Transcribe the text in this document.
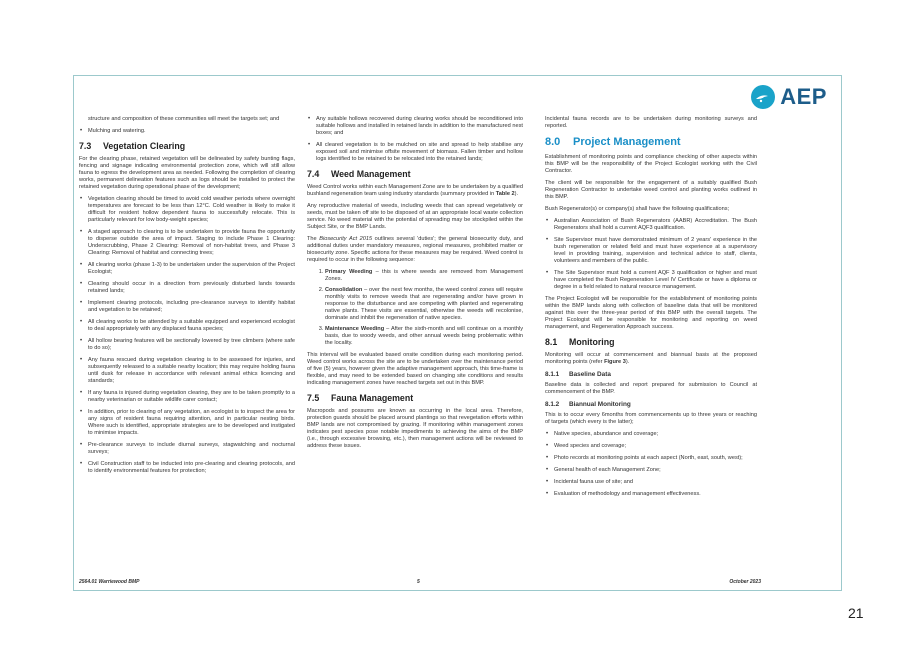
AEP

structure and composition of these communities will meet the targets set; and

• Mulching and watering.
7.3 Vegetation Clearing

For the clearing phase, retained vegetation will be delineated by safety bunting flags, fencing and signage indicating environmental protection zone, which will still allow fauna to egress the development area as needed. Following the completion of clearing works, permanent delineation features such as logs should be installed to protect the retained vegetation during operational phase of the development;

• Vegetation clearing should be timed to avoid cold weather periods where overnight temperatures are forecast to be less than 12°C. Cold weather is likely to make it difficult for resident hollow dependent fauna to successfully relocate. This is particularly relevant for low body-weight species;
• A staged approach to clearing is to be undertaken to provide fauna the opportunity to disperse outside the area of impact. Staging to include Phase 1 Clearing: Underscrubbing, Phase 2 Clearing: Removal of non-habitat trees, and Phase 3 Clearing: Removal of habitat and connecting trees;
• All clearing works (phase 1-3) to be undertaken under the supervision of the Project Ecologist;
• Clearing should occur in a direction from previously disturbed lands towards retained lands;
• Implement clearing protocols, including pre-clearance surveys to identify habitat and vegetation to be retained;
• All clearing works to be attended by a suitable equipped and experienced ecologist to deal appropriately with any displaced fauna species;
• All hollow bearing features will be sectionally lowered by tree climbers (where safe to do so);
• Any fauna rescued during vegetation clearing is to be assessed for injuries, and subsequently released to a suitable nearby location; this may require holding fauna until dusk for release in accordance with relevant animal ethics licencing and standards;
• If any fauna is injured during vegetation clearing, they are to be taken promptly to a nearby veterinarian or suitable wildlife carer contact;
• In addition, prior to clearing of any vegetation, an ecologist is to inspect the area for any signs of resident fauna requiring attention, and in particular nesting birds. Where such is identified, appropriate strategies are to be developed and instigated to minimise impacts.
• Pre-clearance surveys to include diurnal surveys, stagwatching and nocturnal surveys;
• Civil Construction staff to be inducted into pre-clearing and clearing protocols, and to identify environmental features for protection;
• Any suitable hollows recovered during clearing works should be reconditioned into suitable hollows and installed in retained lands in addition to the manufactured nest boxes; and
• All cleared vegetation is to be mulched on site and spread to help stabilise any exposed soil and minimise offsite movement of biomass. Fallen timber and hollow logs identified to be retained to be relocated into the retained lands;
7.4 Weed Management

Weed Control works within each Management Zone are to be undertaken by a qualified bushland regeneration team using industry standards (summary provided in Table 2).

Any reproductive material of weeds, including weeds that can spread vegetatively or seeds, must be taken off site to be disposed of at an appropriate local waste collection service. No weed material with the potential of spreading may be stockpiled within the Subject Site, or the BMP Lands.

The Biosecurity Act 2015 outlines several 'duties'; the general biosecurity duty, and additional duties under mandatory measures, regional measures, prohibited matter or biosecurity zone. Specific actions for these measures may be required. Weed control is required to occur in the following sequence:

1. Primary Weeding – this is where weeds are removed from Management Zones.
2. Consolidation – over the next few months, the weed control zones will require monthly visits to remove weeds that are regenerating and/or have grown in response to the disturbance and are competing with planted and regenerating native plants. These visits are essential, otherwise the weeds will recolonise, dominate and inhibit the regeneration of native species.
3. Maintenance Weeding – After the sixth-month and will continue on a monthly basis, due to woody weeds, and other annual weeds being problematic within the locality.

This interval will be evaluated based onsite condition during each monitoring period. Weed control works across the site are to be undertaken over the maintenance period of five (5) years, however given the adaptive management approach, this time-frame is flexible, and may need to be extended based on changing site conditions and results indicating management zones have reached targets set out in this BMP.

7.5 Fauna Management

Macropods and possums are known as occurring in the local area. Therefore, protection guards should be placed around plantings so that revegetation efforts within BMP lands are not compromised by grazing. If monitoring within management zones indicates pest species pose notable impediments to achieving the aims of the BMP (i.e., through excessive browsing, etc.), then management actions will be reviewed to address these issues.

Incidental fauna records are to be undertaken during monitoring surveys and reported.

8.0 Project Management

Establishment of monitoring points and compliance checking of other aspects within this BMP will be the responsibility of the Project Ecologist working with the Civil Contractor.

The client will be responsible for the engagement of a suitably qualified Bush Regeneration Contractor to undertake weed control and planting works outlined in this BMP.

Bush Regenerator(s) or company(s) shall have the following qualifications;

• Australian Association of Bush Regenerators (AABR) Accreditation. The Bush Regenerators shall hold a current AQF3 qualification.
• Site Supervisor must have demonstrated minimum of 2 years' experience in the bush regeneration or related field and must have experience at a supervisory level in providing training, supervision and technical advice to staff, clients, volunteers and members of the public.
• The Site Supervisor must hold a current AQF 3 qualification or higher and must have completed the Bush Regeneration Level IV Certificate or have a diploma or degree in a field related to natural resource management.

The Project Ecologist will be responsible for the establishment of monitoring points within the BMP lands along with collection of baseline data that will be monitored against this over the three-year period of this BMP with the overall targets. The Project Ecologist will be responsible for monitoring and reporting on weed management, and Regeneration Approach success.

8.1 Monitoring

Monitoring will occur at commencement and biannual basis at the proposed monitoring points (refer Figure 3).

8.1.1 Baseline Data

Baseline data is collected and report prepared for submission to Council at commencement of the BMP.

8.1.2 Biannual Monitoring

This is to occur every 6months from commencements up to three years or reaching of targets (which every is the latter);

• Native species, abundance and coverage;
• Weed species and coverage;
• Photo records at monitoring points at each aspect (North, east, south, west);
• General health of each Management Zone;
• Incidental fauna use of site; and
• Evaluation of methodology and management effectiveness.
2564.01 Warriewood BMP	5	October 2023
21
